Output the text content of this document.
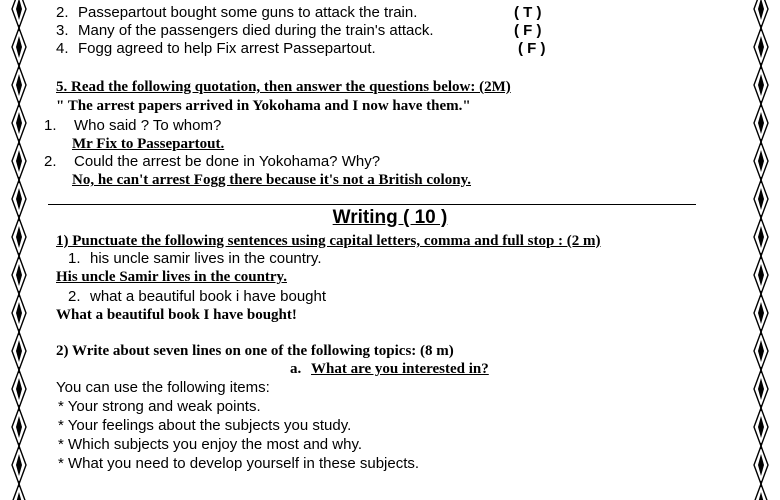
2. Passepartout bought some guns to attack the train.	( T )
3. Many of the passengers died during the train's attack.	( F )
4. Fogg agreed to help Fix arrest Passepartout.	( F )
5. Read the following quotation, then answer the questions below: (2M)
" The arrest papers arrived in Yokohama and I now have them."
1. Who said ? To whom?
Mr Fix to Passepartout.
2. Could the arrest be done in Yokohama? Why?
No, he can't arrest Fogg there because it's not a British colony.
Writing ( 10 )
1) Punctuate the following sentences using capital letters, comma and full stop : (2 m)
1. his uncle samir lives in the country.
His uncle Samir lives in the country.
2. what a beautiful book i have bought
What a beautiful book I have bought!
2) Write about seven lines on one of the following topics: (8 m)
a. What are you interested in?
You can use the following items:
* Your strong and weak points.
* Your feelings about the subjects you study.
* Which subjects you enjoy the most and why.
* What you need to develop yourself in these subjects.
